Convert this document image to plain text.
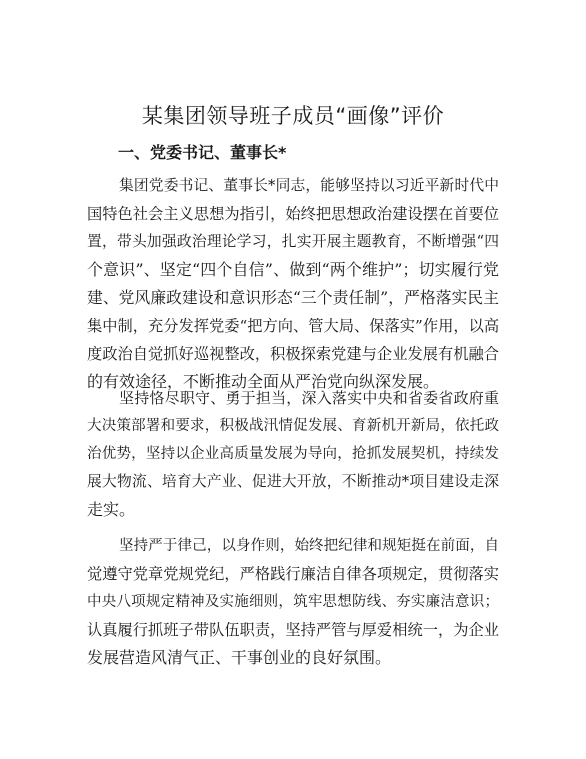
某集团领导班子成员“画像”评价
一、党委书记、董事长*
集团党委书记、董事长*同志，能够坚持以习近平新时代中
国特色社会主义思想为指引，始终把思想政治建设摆在首要位
置，带头加强政治理论学习，扎实开展主题教育，不断增强“四
个意识”、坚定“四个自信”、做到“两个维护”；切实履行党
建、党风廉政建设和意识形态“三个责任制”，严格落实民主
集中制，充分发挥党委“把方向、管大局、保落实”作用，以高
度政治自觉抓好巡视整改，积极探索党建与企业发展有机融合
的有效途径，不断推动全面从严治党向纵深发展。
坚持恪尽职守、勇于担当，深入落实中央和省委省政府重
大决策部署和要求，积极战汛情促发展、育新机开新局，依托政
治优势，坚持以企业高质量发展为导向，抢抓发展契机，持续发
展大物流、培育大产业、促进大开放，不断推动*项目建设走深
走实。
坚持严于律己，以身作则，始终把纪律和规矩挺在前面，自
觉遵守党章党规党纪，严格践行廉洁自律各项规定，贯彻落实
中央八项规定精神及实施细则，筑牢思想防线、夯实廉洁意识；
认真履行抓班子带队伍职责，坚持严管与厚爱相统一，为企业
发展营造风清气正、干事创业的良好氛围。
